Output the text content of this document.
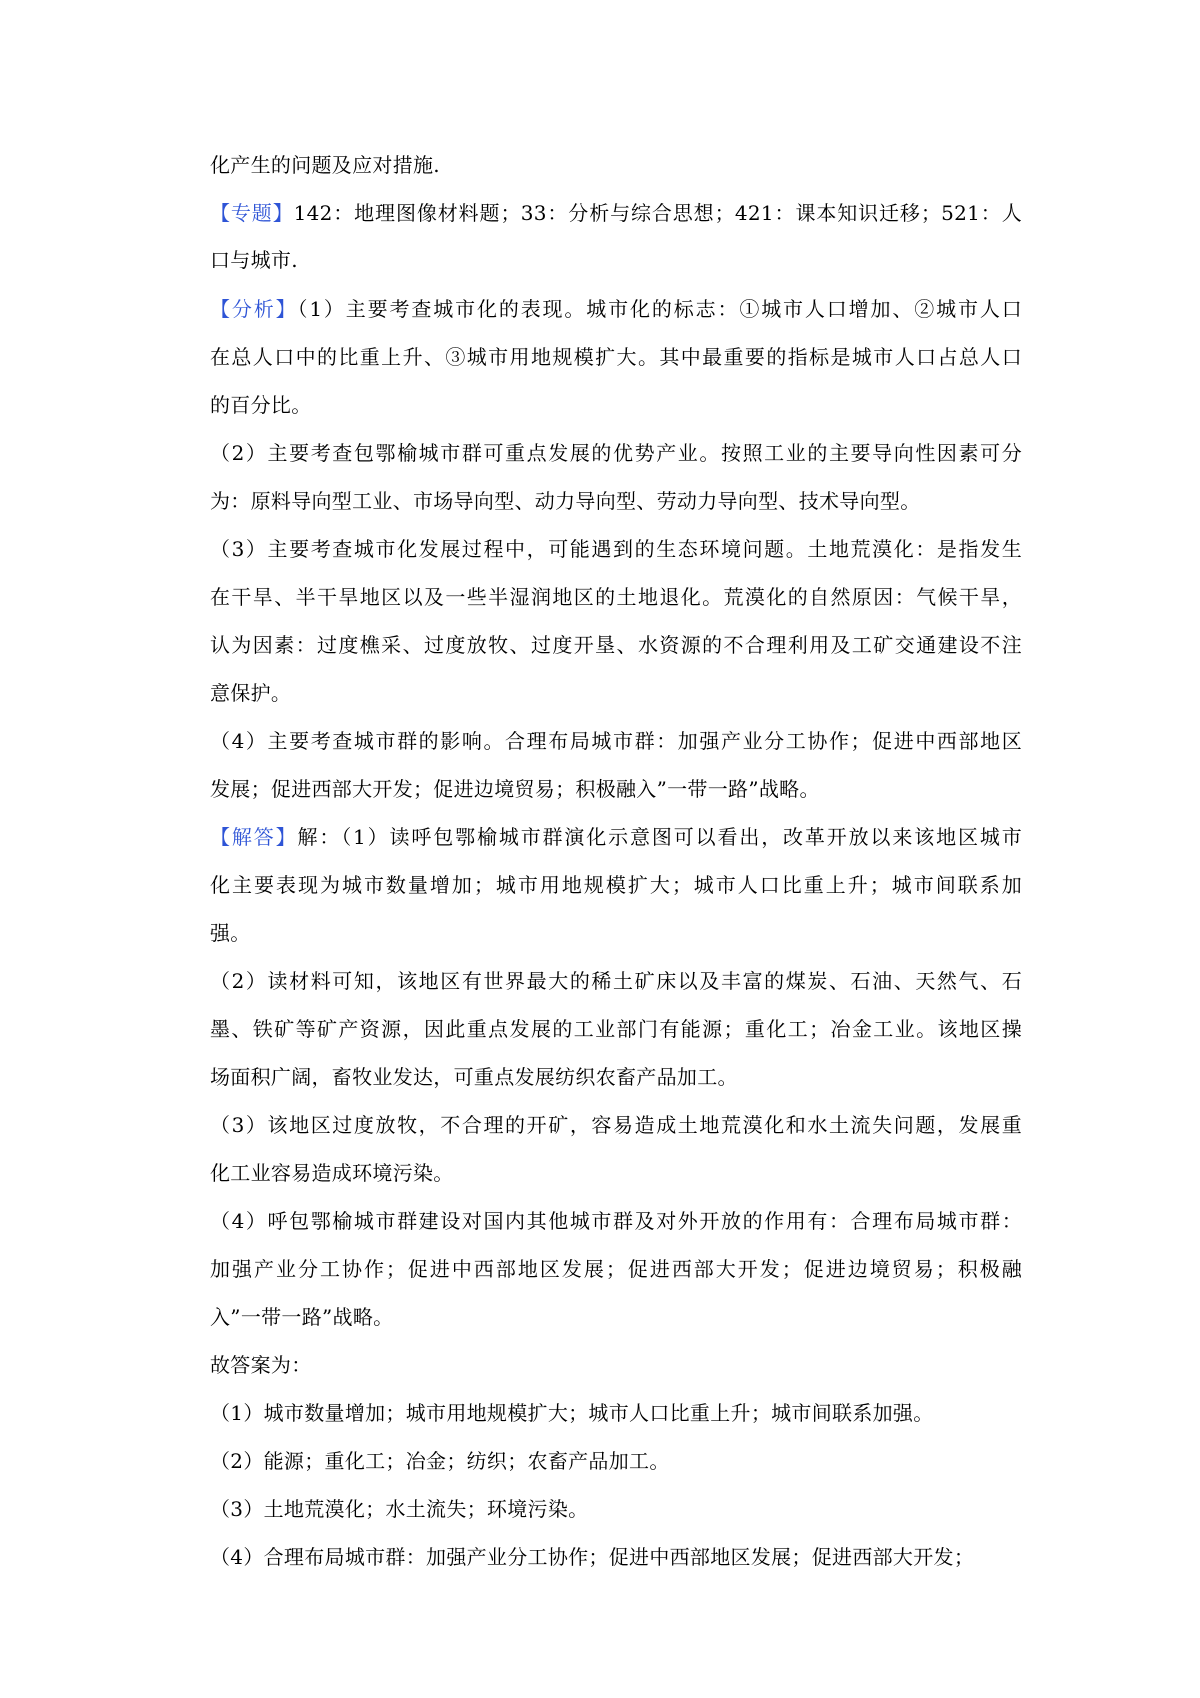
化产生的问题及应对措施.
【专题】142：地理图像材料题；33：分析与综合思想；421：课本知识迁移；521：人
口与城市.
【分析】（1）主要考查城市化的表现。城市化的标志：①城市人口增加、②城市人口
在总人口中的比重上升、③城市用地规模扩大。其中最重要的指标是城市人口占总人口
的百分比。
（2）主要考查包鄂榆城市群可重点发展的优势产业。按照工业的主要导向性因素可分
为：原料导向型工业、市场导向型、动力导向型、劳动力导向型、技术导向型。
（3）主要考查城市化发展过程中，可能遇到的生态环境问题。土地荒漠化：是指发生
在干旱、半干旱地区以及一些半湿润地区的土地退化。荒漠化的自然原因：气候干旱，
认为因素：过度樵采、过度放牧、过度开垦、水资源的不合理利用及工矿交通建设不注
意保护。
（4）主要考查城市群的影响。合理布局城市群：加强产业分工协作；促进中西部地区
发展；促进西部大开发；促进边境贸易；积极融入”一带一路”战略。
【解答】解：（1）读呼包鄂榆城市群演化示意图可以看出，改革开放以来该地区城市
化主要表现为城市数量增加；城市用地规模扩大；城市人口比重上升；城市间联系加
强。
（2）读材料可知，该地区有世界最大的稀土矿床以及丰富的煤炭、石油、天然气、石
墨、铁矿等矿产资源，因此重点发展的工业部门有能源；重化工；冶金工业。该地区操
场面积广阔，畜牧业发达，可重点发展纺织农畜产品加工。
（3）该地区过度放牧，不合理的开矿，容易造成土地荒漠化和水土流失问题，发展重
化工业容易造成环境污染。
（4）呼包鄂榆城市群建设对国内其他城市群及对外开放的作用有：合理布局城市群：
加强产业分工协作；促进中西部地区发展；促进西部大开发；促进边境贸易；积极融
入”一带一路”战略。
故答案为：
（1）城市数量增加；城市用地规模扩大；城市人口比重上升；城市间联系加强。
（2）能源；重化工；冶金；纺织；农畜产品加工。
（3）土地荒漠化；水土流失；环境污染。
（4）合理布局城市群：加强产业分工协作；促进中西部地区发展；促进西部大开发；
